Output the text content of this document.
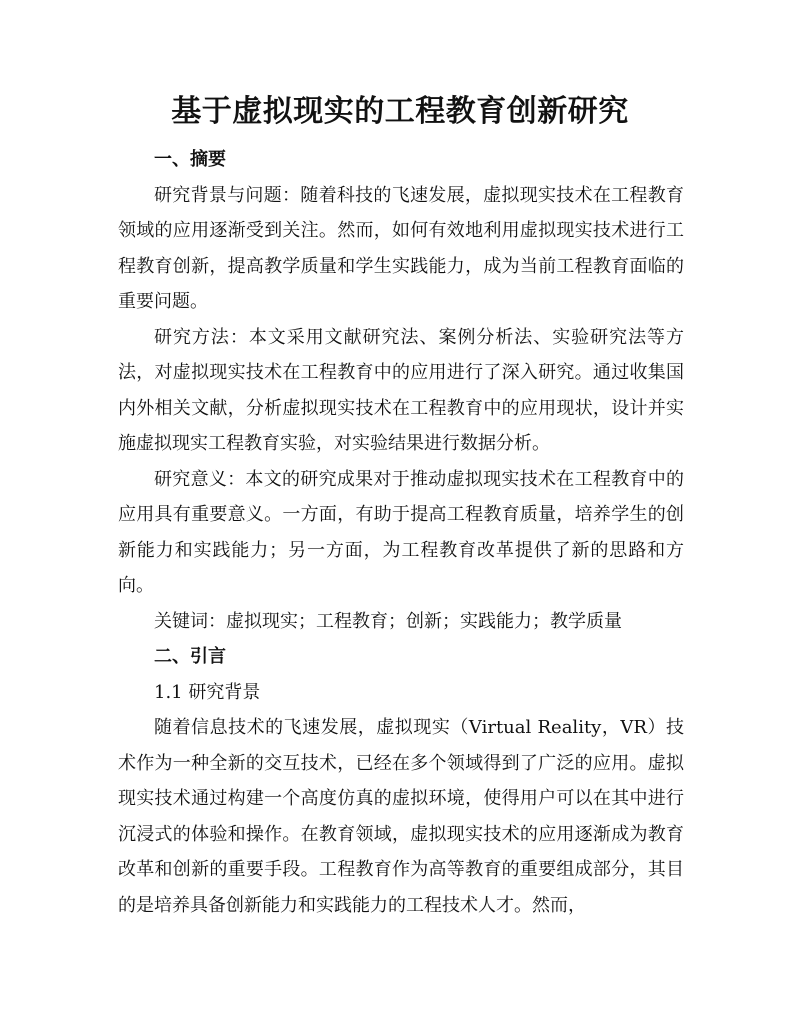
基于虚拟现实的工程教育创新研究

一、摘要

研究背景与问题：随着科技的飞速发展，虚拟现实技术在工程教育领域的应用逐渐受到关注。然而，如何有效地利用虚拟现实技术进行工程教育创新，提高教学质量和学生实践能力，成为当前工程教育面临的重要问题。

研究方法：本文采用文献研究法、案例分析法、实验研究法等方法，对虚拟现实技术在工程教育中的应用进行了深入研究。通过收集国内外相关文献，分析虚拟现实技术在工程教育中的应用现状，设计并实施虚拟现实工程教育实验，对实验结果进行数据分析。

研究意义：本文的研究成果对于推动虚拟现实技术在工程教育中的应用具有重要意义。一方面，有助于提高工程教育质量，培养学生的创新能力和实践能力；另一方面，为工程教育改革提供了新的思路和方向。

关键词：虚拟现实；工程教育；创新；实践能力；教学质量

二、引言

1.1 研究背景

随着信息技术的飞速发展，虚拟现实（Virtual Reality，VR）技术作为一种全新的交互技术，已经在多个领域得到了广泛的应用。虚拟现实技术通过构建一个高度仿真的虚拟环境，使得用户可以在其中进行沉浸式的体验和操作。在教育领域，虚拟现实技术的应用逐渐成为教育改革和创新的重要手段。工程教育作为高等教育的重要组成部分，其目的是培养具备创新能力和实践能力的工程技术人才。然而，
